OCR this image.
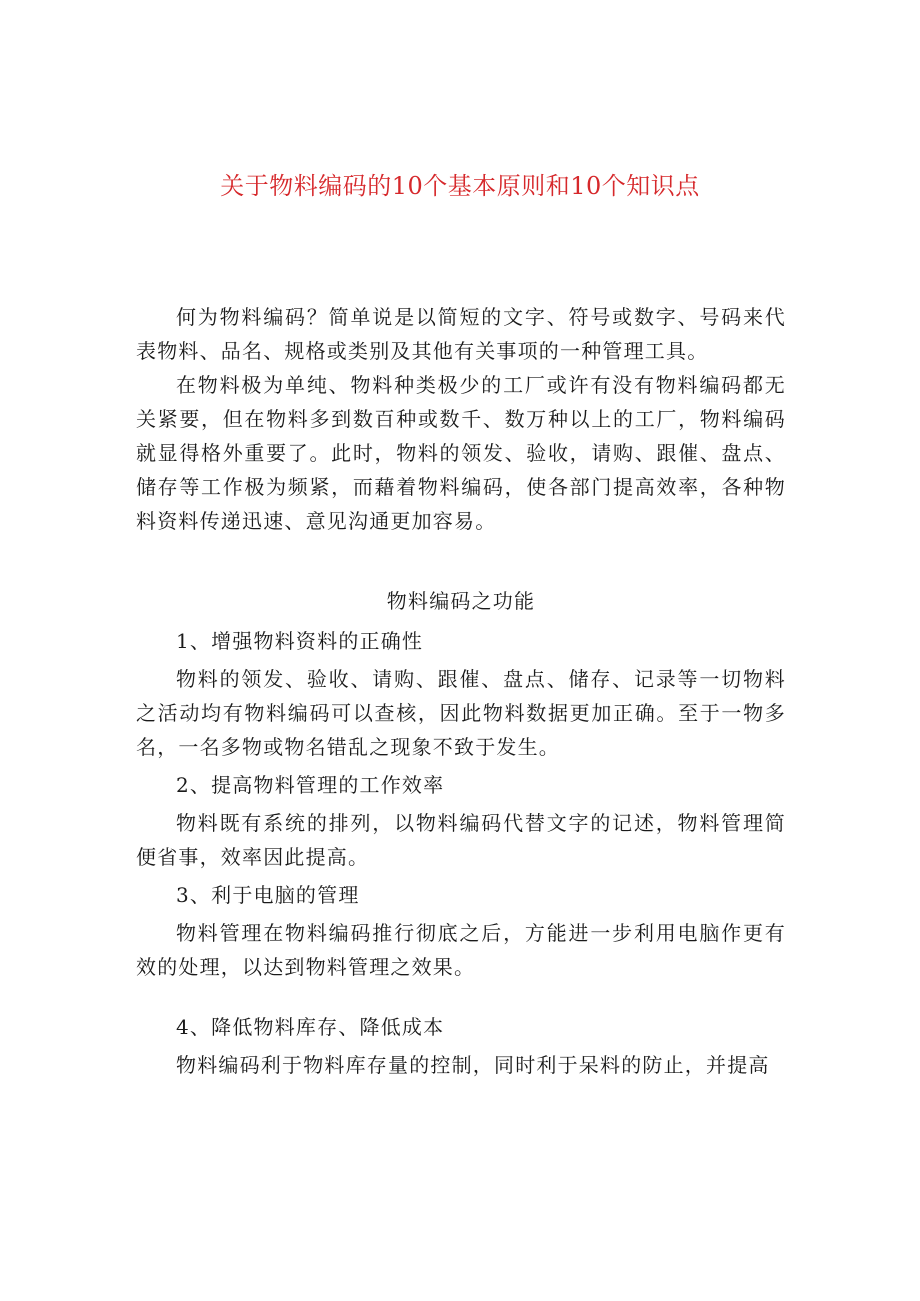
关于物料编码的10个基本原则和10个知识点

何为物料编码？简单说是以简短的文字、符号或数字、号码来代表物料、品名、规格或类别及其他有关事项的一种管理工具。

在物料极为单纯、物料种类极少的工厂或许有没有物料编码都无关紧要，但在物料多到数百种或数千、数万种以上的工厂，物料编码就显得格外重要了。此时，物料的领发、验收，请购、跟催、盘点、储存等工作极为频紧，而藉着物料编码，使各部门提高效率，各种物料资料传递迅速、意见沟通更加容易。

物料编码之功能
1、增强物料资料的正确性

物料的领发、验收、请购、跟催、盘点、储存、记录等一切物料之活动均有物料编码可以查核，因此物料数据更加正确。至于一物多名，一名多物或物名错乱之现象不致于发生。

2、提高物料管理的工作效率

物料既有系统的排列，以物料编码代替文字的记述，物料管理简便省事，效率因此提高。

3、利于电脑的管理

物料管理在物料编码推行彻底之后，方能进一步利用电脑作更有效的处理，以达到物料管理之效果。

4、降低物料库存、降低成本

物料编码利于物料库存量的控制，同时利于呆料的防止，并提高
